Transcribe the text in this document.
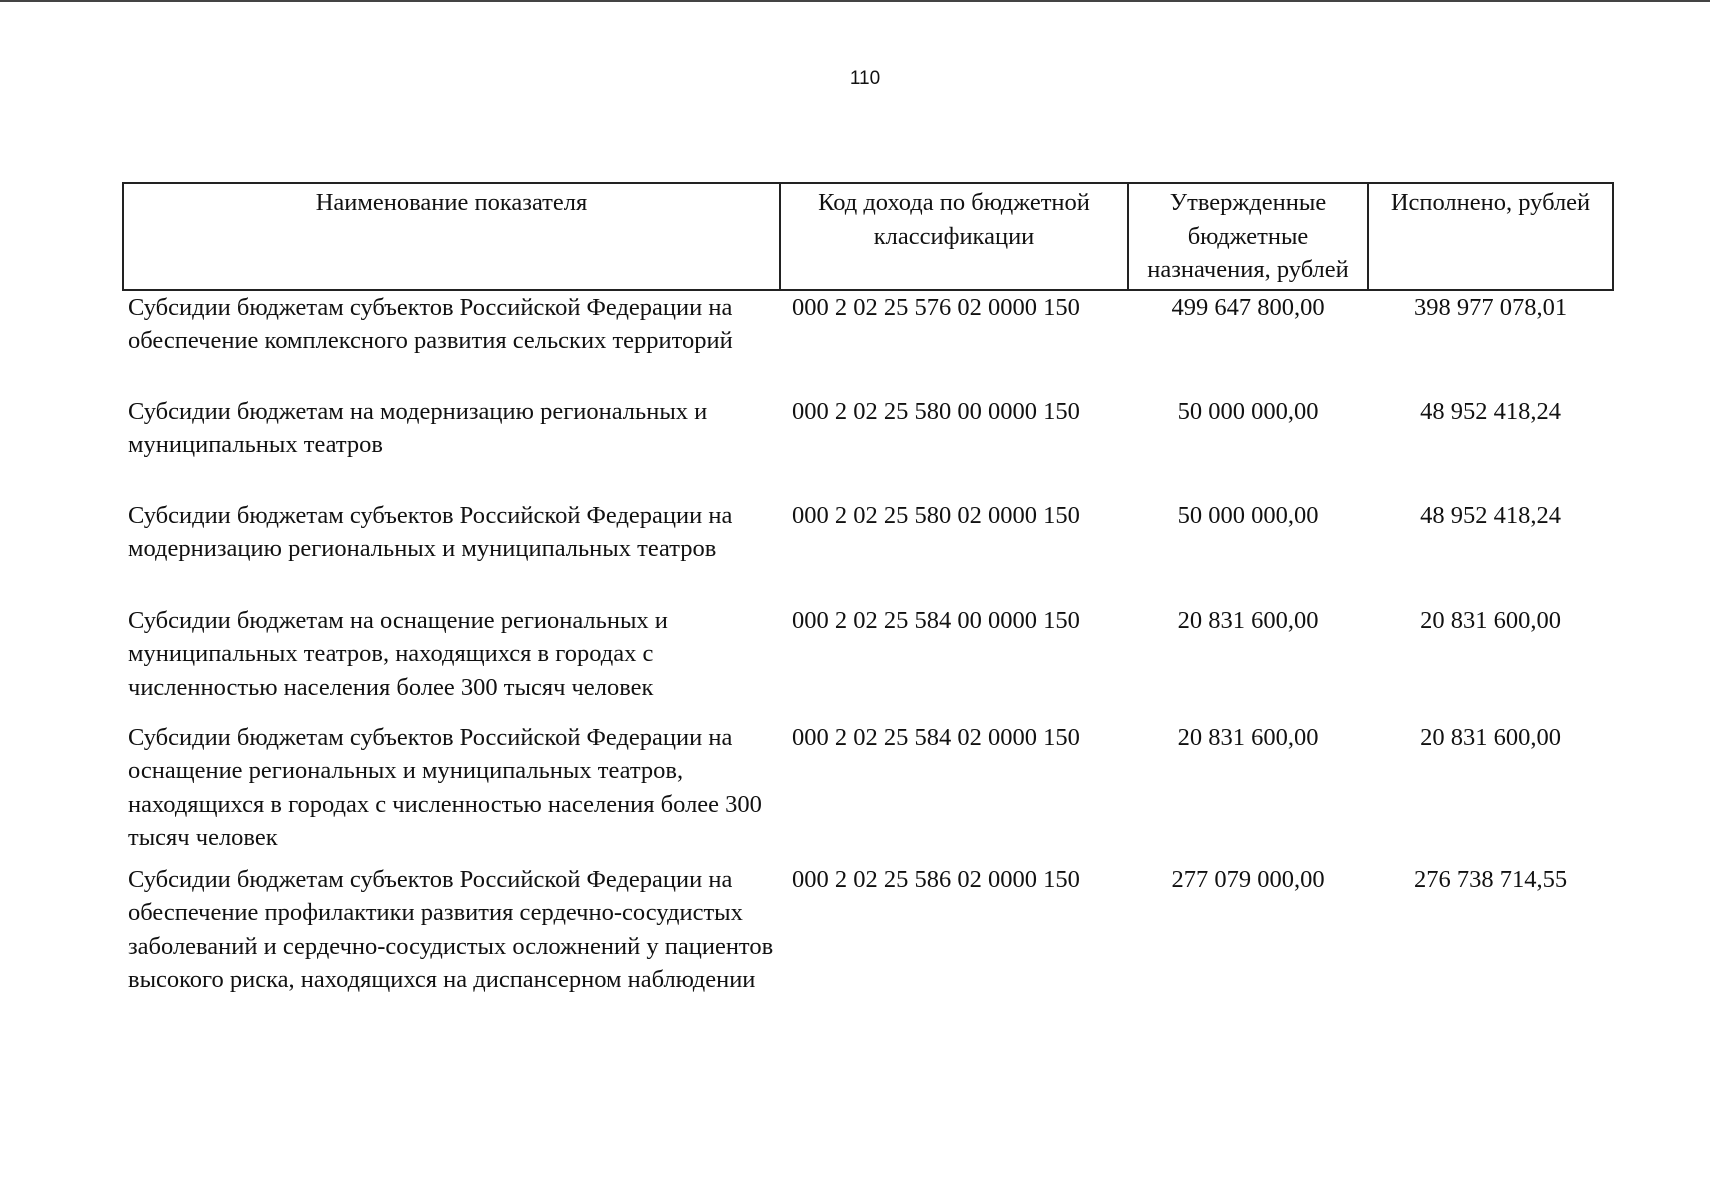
110
Наименование показателя	Код дохода по бюджетной классификации	Утвержденные бюджетные назначения, рублей	Исполнено, рублей
Субсидии бюджетам субъектов Российской Федерации на обеспечение комплексного развития сельских территорий	000 2 02 25 576 02 0000 150	499 647 800,00	398 977 078,01
Субсидии бюджетам на модернизацию региональных и муниципальных театров	000 2 02 25 580 00 0000 150	50 000 000,00	48 952 418,24
Субсидии бюджетам субъектов Российской Федерации на модернизацию региональных и муниципальных театров	000 2 02 25 580 02 0000 150	50 000 000,00	48 952 418,24
Субсидии бюджетам на оснащение региональных и муниципальных театров, находящихся в городах с численностью населения более 300 тысяч человек	000 2 02 25 584 00 0000 150	20 831 600,00	20 831 600,00
Субсидии бюджетам субъектов Российской Федерации на оснащение региональных и муниципальных театров, находящихся в городах с численностью населения более 300 тысяч человек	000 2 02 25 584 02 0000 150	20 831 600,00	20 831 600,00
Субсидии бюджетам субъектов Российской Федерации на обеспечение профилактики развития сердечно-сосудистых заболеваний и сердечно-сосудистых осложнений у пациентов высокого риска, находящихся на диспансерном наблюдении	000 2 02 25 586 02 0000 150	277 079 000,00	276 738 714,55
